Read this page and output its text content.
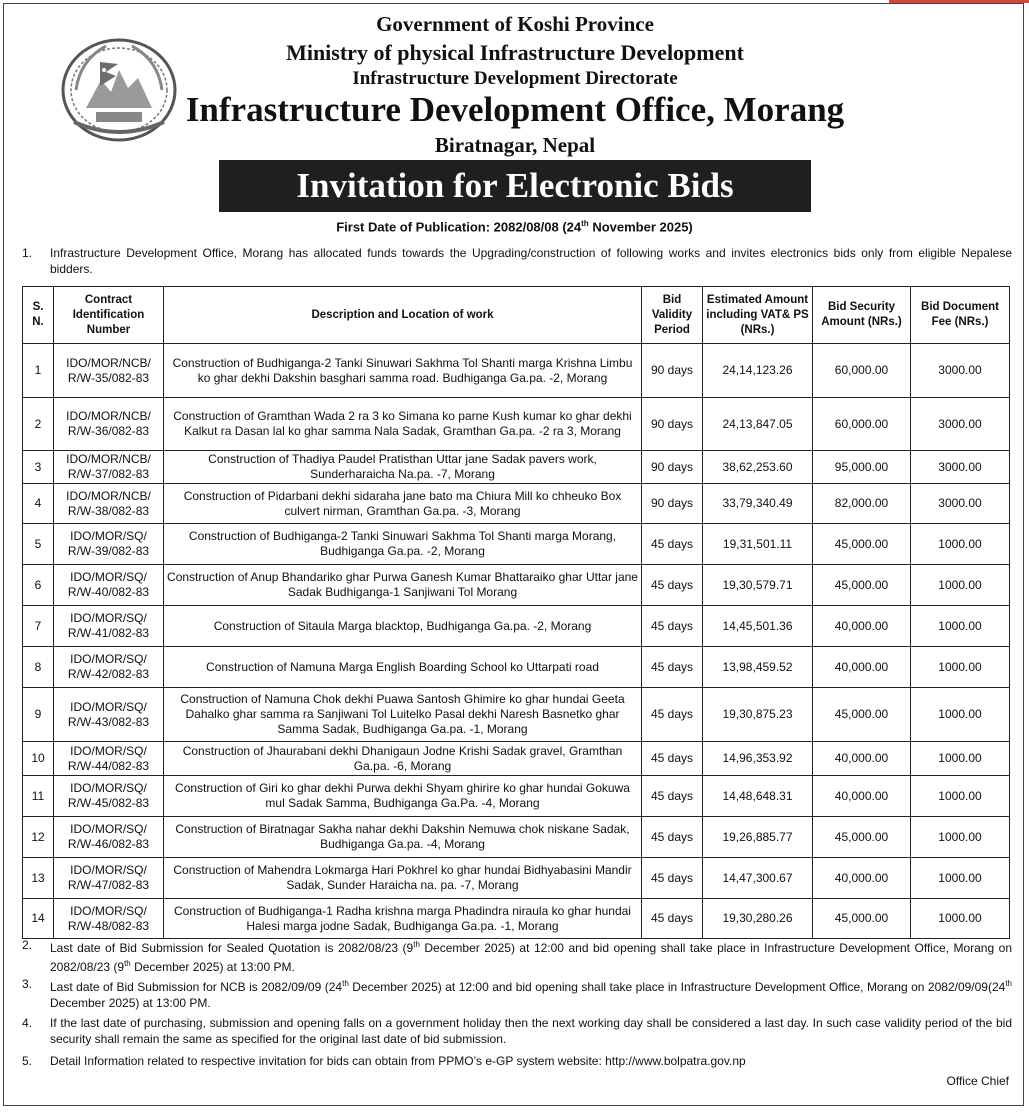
Government of Koshi Province
Ministry of physical Infrastructure Development
Infrastructure Development Directorate
Infrastructure Development Office, Morang
Biratnagar, Nepal
Invitation for Electronic Bids
First Date of Publication: 2082/08/08 (24th November 2025)
1. Infrastructure Development Office, Morang has allocated funds towards the Upgrading/construction of following works and invites electronics bids only from eligible Nepalese bidders.
S. N.	Contract Identification Number	Description and Location of work	Bid Validity Period	Estimated Amount including VAT& PS (NRs.)	Bid Security Amount (NRs.)	Bid Document Fee (NRs.)
1	IDO/MOR/NCB/ R/W-35/082-83	Construction of Budhiganga-2 Tanki Sinuwari Sakhma Tol Shanti marga Krishna Limbu ko ghar dekhi Dakshin basghari samma road. Budhiganga Ga.pa. -2, Morang	90 days	24,14,123.26	60,000.00	3000.00
2	IDO/MOR/NCB/ R/W-36/082-83	Construction of Gramthan Wada 2 ra 3 ko Simana ko parne Kush kumar ko ghar dekhi Kalkut ra Dasan lal ko ghar samma Nala Sadak, Gramthan Ga.pa. -2 ra 3, Morang	90 days	24,13,847.05	60,000.00	3000.00
3	IDO/MOR/NCB/ R/W-37/082-83	Construction of Thadiya Paudel Pratisthan Uttar jane Sadak pavers work, Sunderharaicha Na.pa. -7, Morang	90 days	38,62,253.60	95,000.00	3000.00
4	IDO/MOR/NCB/ R/W-38/082-83	Construction of Pidarbani dekhi sidaraha jane bato ma Chiura Mill ko chheuko Box culvert nirman, Gramthan Ga.pa. -3, Morang	90 days	33,79,340.49	82,000.00	3000.00
5	IDO/MOR/SQ/ R/W-39/082-83	Construction of Budhiganga-2 Tanki Sinuwari Sakhma Tol Shanti marga Morang, Budhiganga Ga.pa. -2, Morang	45 days	19,31,501.11	45,000.00	1000.00
6	IDO/MOR/SQ/ R/W-40/082-83	Construction of Anup Bhandariko ghar Purwa Ganesh Kumar Bhattaraiko ghar Uttar jane Sadak Budhiganga-1 Sanjiwani Tol Morang	45 days	19,30,579.71	45,000.00	1000.00
7	IDO/MOR/SQ/ R/W-41/082-83	Construction of Sitaula Marga blacktop, Budhiganga Ga.pa. -2, Morang	45 days	14,45,501.36	40,000.00	1000.00
8	IDO/MOR/SQ/ R/W-42/082-83	Construction of Namuna Marga English Boarding School ko Uttarpati road	45 days	13,98,459.52	40,000.00	1000.00
9	IDO/MOR/SQ/ R/W-43/082-83	Construction of Namuna Chok dekhi Puawa Santosh Ghimire ko ghar hundai Geeta Dahalko ghar samma ra Sanjiwani Tol Luitelko Pasal dekhi Naresh Basnetko ghar Samma Sadak, Budhiganga Ga.pa. -1, Morang	45 days	19,30,875.23	45,000.00	1000.00
10	IDO/MOR/SQ/ R/W-44/082-83	Construction of Jhaurabani dekhi Dhanigaun Jodne Krishi Sadak gravel, Gramthan Ga.pa. -6, Morang	45 days	14,96,353.92	40,000.00	1000.00
11	IDO/MOR/SQ/ R/W-45/082-83	Construction of Giri ko ghar dekhi Purwa dekhi Shyam ghirire ko ghar hundai Gokuwa mul Sadak Samma, Budhiganga Ga.Pa. -4, Morang	45 days	14,48,648.31	40,000.00	1000.00
12	IDO/MOR/SQ/ R/W-46/082-83	Construction of Biratnagar Sakha nahar dekhi Dakshin Nemuwa chok niskane Sadak, Budhiganga Ga.pa. -4, Morang	45 days	19,26,885.77	45,000.00	1000.00
13	IDO/MOR/SQ/ R/W-47/082-83	Construction of Mahendra Lokmarga Hari Pokhrel ko ghar hundai Bidhyabasini Mandir Sadak, Sunder Haraicha na. pa. -7, Morang	45 days	14,47,300.67	40,000.00	1000.00
14	IDO/MOR/SQ/ R/W-48/082-83	Construction of Budhiganga-1 Radha krishna marga Phadindra niraula ko ghar hundai Halesi marga jodne Sadak, Budhiganga Ga.pa. -1, Morang	45 days	19,30,280.26	45,000.00	1000.00
2. Last date of Bid Submission for Sealed Quotation is 2082/08/23 (9th December 2025) at 12:00 and bid opening shall take place in Infrastructure Development Office, Morang on 2082/08/23 (9th December 2025) at 13:00 PM.
3. Last date of Bid Submission for NCB is 2082/09/09 (24th December 2025) at 12:00 and bid opening shall take place in Infrastructure Development Office, Morang on 2082/09/09(24th December 2025) at 13:00 PM.
4. If the last date of purchasing, submission and opening falls on a government holiday then the next working day shall be considered a last day. In such case validity period of the bid security shall remain the same as specified for the original last date of bid submission.
5. Detail Information related to respective invitation for bids can obtain from PPMO’s e-GP system website: http://www.bolpatra.gov.np
Office Chief
